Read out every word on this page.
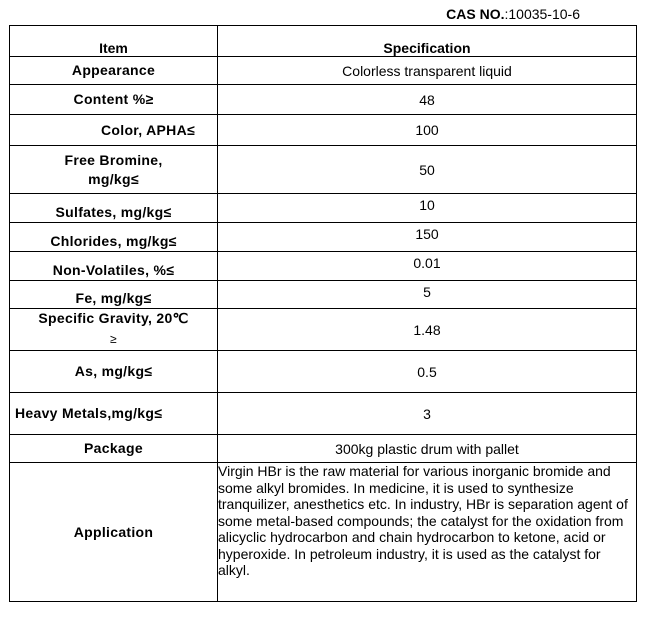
CAS NO.:10035-10-6
Item	Specification
Appearance	Colorless transparent liquid
Content %≥	48
Color, APHA≤	100

Free Bromine,
mg/kg≤	50
Sulfates, mg/kg≤	10
Chlorides, mg/kg≤	150
Non-Volatiles, %≤	0.01
Fe, mg/kg≤	5

Specific Gravity, 20℃
≥	1.48
As, mg/kg≤	0.5
Heavy Metals,mg/kg≤	3
Package	300kg plastic drum with pallet
Application	Virgin HBr is the raw material for various inorganic bromide and some alkyl bromides. In medicine, it is used to synthesize tranquilizer, anesthetics etc. In industry, HBr is separation agent of some metal-based compounds; the catalyst for the oxidation from alicyclic hydrocarbon and chain hydrocarbon to ketone, acid or hyperoxide. In petroleum industry, it is used as the catalyst for alkyl.
